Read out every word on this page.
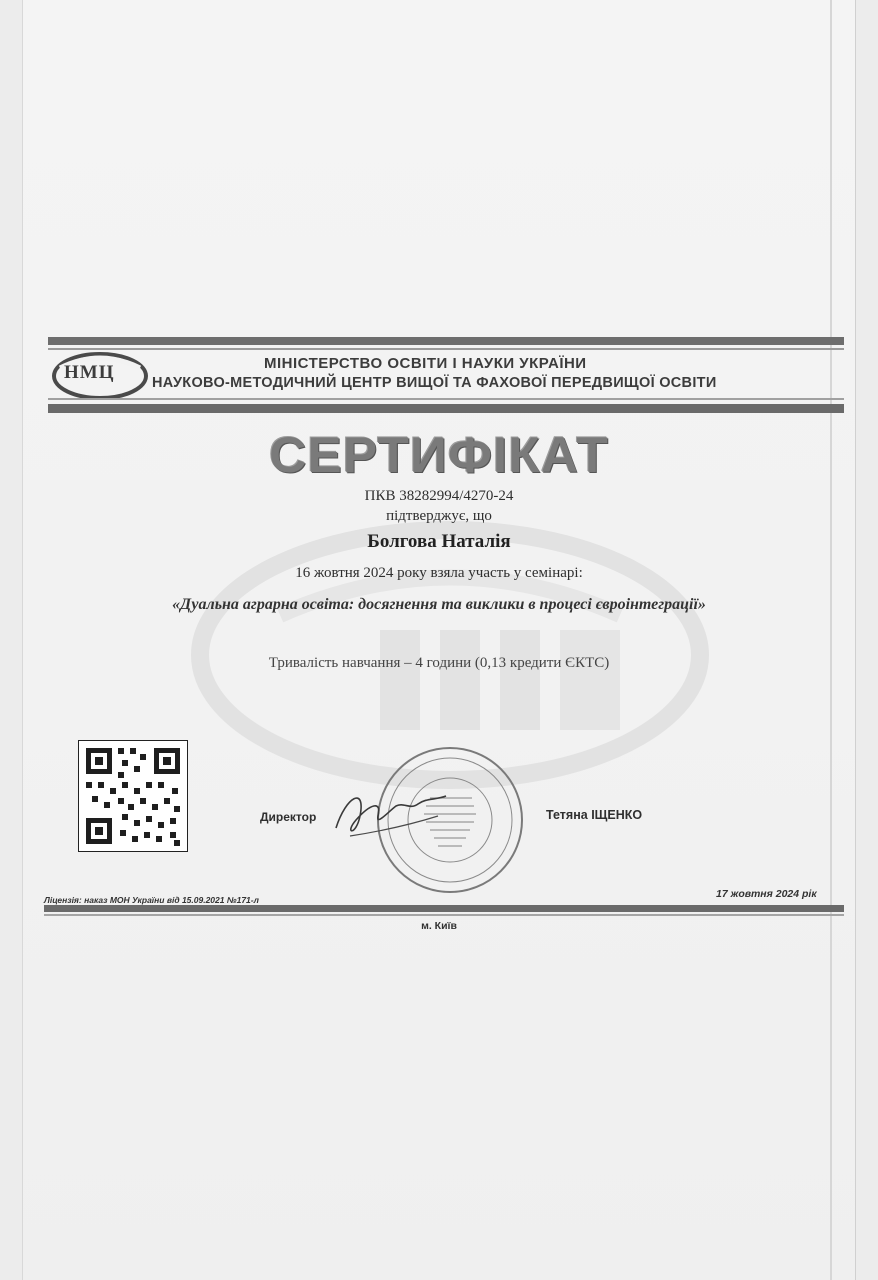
НМЦ	МІНІСТЕРСТВО ОСВІТИ І НАУКИ УКРАЇНИ
НАУКОВО-МЕТОДИЧНИЙ ЦЕНТР ВИЩОЇ ТА ФАХОВОЇ ПЕРЕДВИЩОЇ ОСВІТИ
СЕРТИФІКАТ
ПКВ 38282994/4270-24
підтверджує, що
Болгова Наталія
16 жовтня 2024 року взяла участь у семінарі:
«Дуальна аграрна освіта: досягнення та виклики в процесі євроінтеграції»
Тривалість навчання – 4 години (0,13 кредити ЄКТС)
Директор	Тетяна ІЩЕНКО
Ліцензія: наказ МОН України від 15.09.2021 №171-л	17 жовтня 2024 рік
м. Київ
